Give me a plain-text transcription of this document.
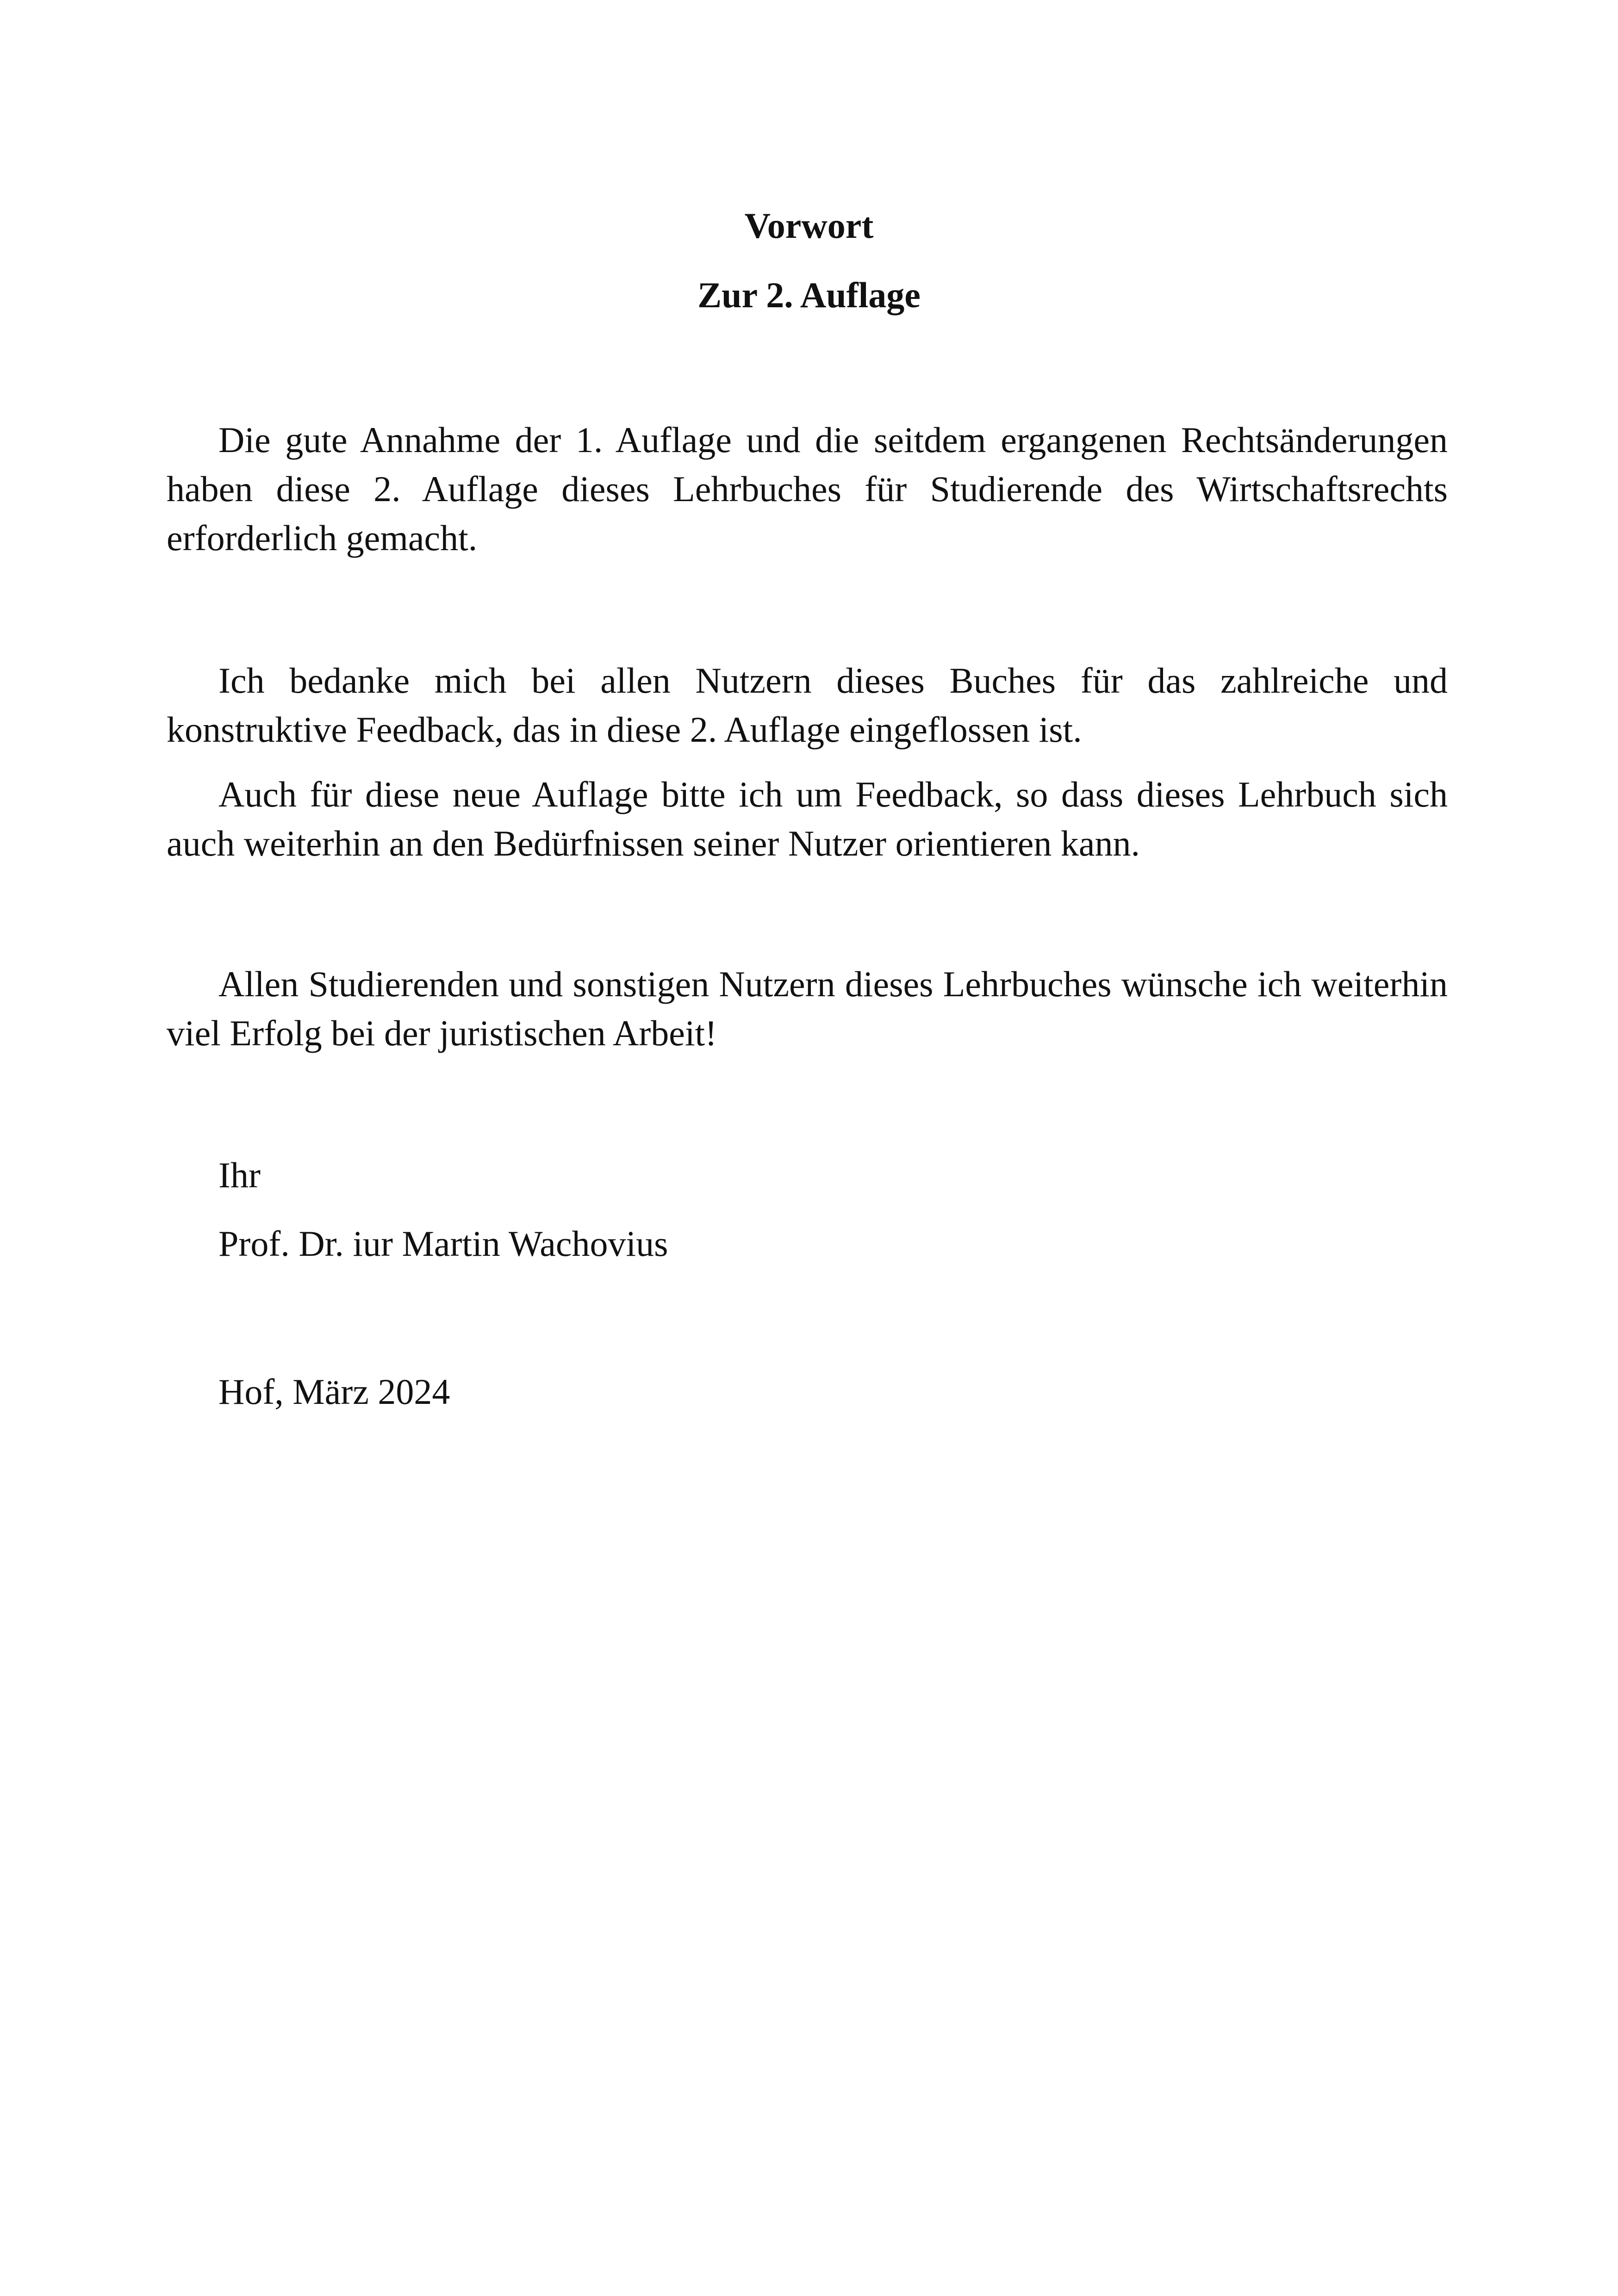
Vorwort
Zur 2. Auflage

Die gute Annahme der 1. Auflage und die seitdem ergangenen Rechtsänderungen haben diese 2. Auflage dieses Lehrbuches für Studierende des Wirtschaftsrechts erforderlich gemacht.

Ich bedanke mich bei allen Nutzern dieses Buches für das zahlreiche und konstruktive Feedback, das in diese 2. Auflage eingeflossen ist.

Auch für diese neue Auflage bitte ich um Feedback, so dass dieses Lehrbuch sich auch weiterhin an den Bedürfnissen seiner Nutzer orientieren kann.

Allen Studierenden und sonstigen Nutzern dieses Lehrbuches wünsche ich weiterhin viel Erfolg bei der juristischen Arbeit!

Ihr

Prof. Dr. iur Martin Wachovius

Hof, März 2024
